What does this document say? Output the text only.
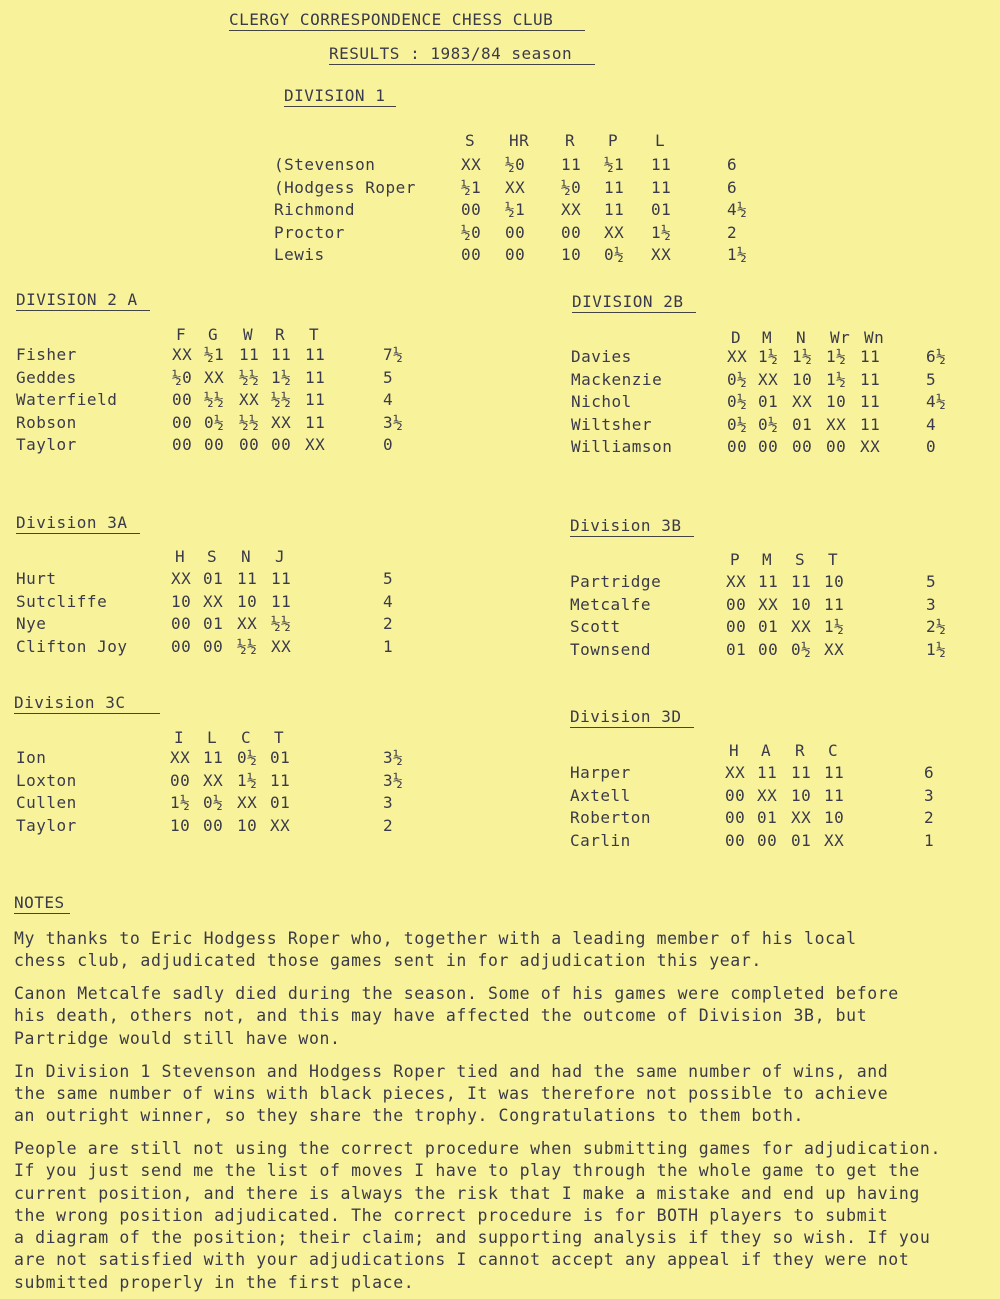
CLERGY CORRESPONDENCE CHESS CLUB
RESULTS : 1983/84 season
S HR R P L
(Stevenson	XX ½0 11 ½1 11	6
(Hodgess Roper	½1 XX ½0 11 11	6
Richmond	00 ½1 XX 11 01	4½
Proctor	½0 00 00 XX 1½	2
Lewis	00 00 10 0½ XX	1½
F G W R T
Fisher	XX ½1 11 11 11	7½
Geddes	½0 XX ½½ 1½ 11	5
Waterfield	00 ½½ XX ½½ 11	4
Robson	00 0½ ½½ XX 11	3½
Taylor	00 00 00 00 XX	0
D M N Wr Wn
Davies	XX 1½ 1½ 1½ 11	6½
Mackenzie	0½ XX 10 1½ 11	5
Nichol	0½ 01 XX 10 11	4½
Wiltsher	0½ 0½ 01 XX 11	4
Williamson	00 00 00 00 XX	0
H S N J
Hurt	XX 01 11 11	5
Sutcliffe	10 XX 10 11	4
Nye	00 01 XX ½½	2
Clifton Joy	00 00 ½½ XX	1
P M S T
Partridge	XX 11 11 10	5
Metcalfe	00 XX 10 11	3
Scott	00 01 XX 1½	2½
Townsend	01 00 0½ XX	1½
I L C T
Ion	XX 11 0½ 01	3½
Loxton	00 XX 1½ 11	3½
Cullen	1½ 0½ XX 01	3
Taylor	10 00 10 XX	2
H A R C
Harper	XX 11 11 11	6
Axtell	00 XX 10 11	3
Roberton	00 01 XX 10	2
Carlin	00 00 01 XX	1
NOTES
My thanks to Eric Hodgess Roper who, together with a leading member of his local
chess club, adjudicated those games sent in for adjudication this year.
Canon Metcalfe sadly died during the season. Some of his games were completed before
his death, others not, and this may have affected the outcome of Division 3B, but
Partridge would still have won.
In Division 1 Stevenson and Hodgess Roper tied and had the same number of wins, and
the same number of wins with black pieces, It was therefore not possible to achieve
an outright winner, so they share the trophy. Congratulations to them both.
People are still not using the correct procedure when submitting games for adjudication.
If you just send me the list of moves I have to play through the whole game to get the
current position, and there is always the risk that I make a mistake and end up having
the wrong position adjudicated. The correct procedure is for BOTH players to submit
a diagram of the position; their claim; and supporting analysis if they so wish. If you
are not satisfied with your adjudications I cannot accept any appeal if they were not
submitted properly in the first place.
DIVISION 1
DIVISION 2 A	DIVISION 2B
Division 3A	Division 3B
Division 3C
Division 3D
